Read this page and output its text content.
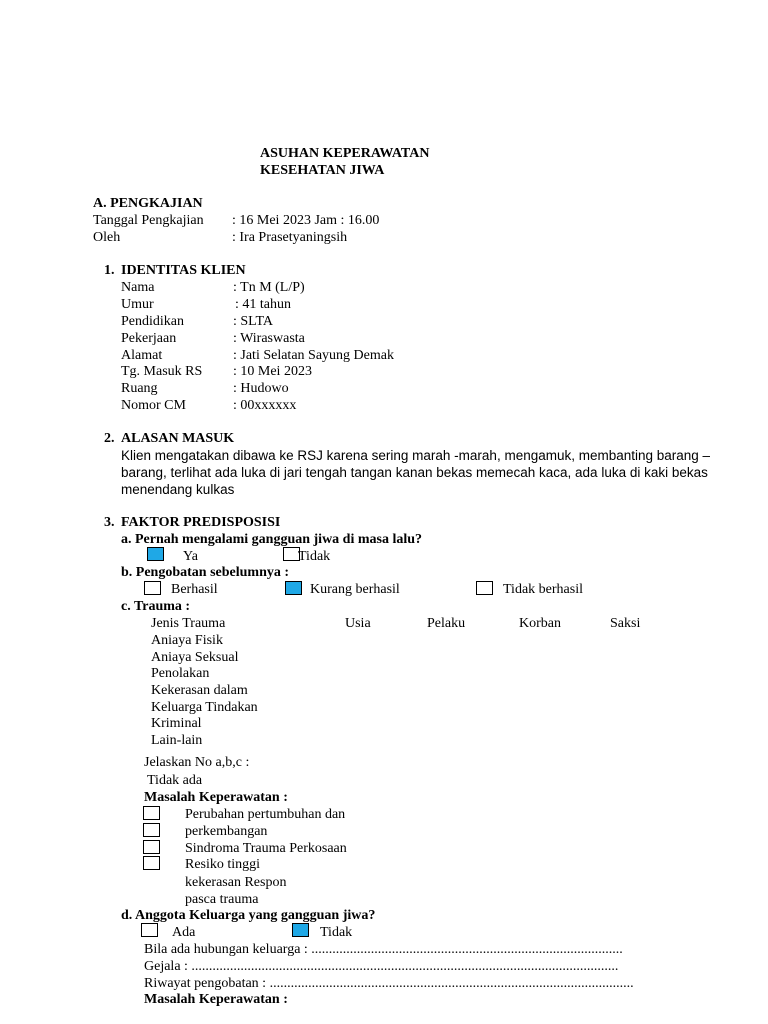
ASUHAN KEPERAWATAN
KESEHATAN JIWA
A. PENGKAJIAN
Tanggal Pengkajian : 16 Mei 2023 Jam : 16.00
Oleh	: Ira Prasetyaningsih
1. IDENTITAS KLIEN
Nama	: Tn M (L/P)
Umur	: 41 tahun
Pendidikan	: SLTA
Pekerjaan	: Wiraswasta
Alamat	: Jati Selatan Sayung Demak
Tg. Masuk RS : 10 Mei 2023
Ruang	: Hudowo
Nomor CM	: 00xxxxxx
2. ALASAN MASUK
Klien mengatakan dibawa ke RSJ karena sering marah -marah, mengamuk, membanting barang –
barang, terlihat ada luka di jari tengah tangan kanan bekas memecah kaca, ada luka di kaki bekas
menendang kulkas
3. FAKTOR PREDISPOSISI
a. Pernah mengalami gangguan jiwa di masa lalu?
Ya	Tidak
b. Pengobatan sebelumnya :
Berhasil	Kurang berhasil	Tidak berhasil
c. Trauma :
Jenis Trauma	Usia	Pelaku	Korban	Saksi
Aniaya Fisik
Aniaya Seksual
Penolakan
Kekerasan dalam
Keluarga Tindakan
Kriminal
Lain-lain
Jelaskan No a,b,c :
Tidak ada
Masalah Keperawatan :
Perubahan pertumbuhan dan
perkembangan
Sindroma Trauma Perkosaan
Resiko tinggi
kekerasan Respon
pasca trauma
d. Anggota Keluarga yang gangguan jiwa?
Ada	Tidak
Bila ada hubungan keluarga : .........................................................................................
Gejala : ..........................................................................................................................
Riwayat pengobatan : ........................................................................................................
Masalah Keperawatan :
